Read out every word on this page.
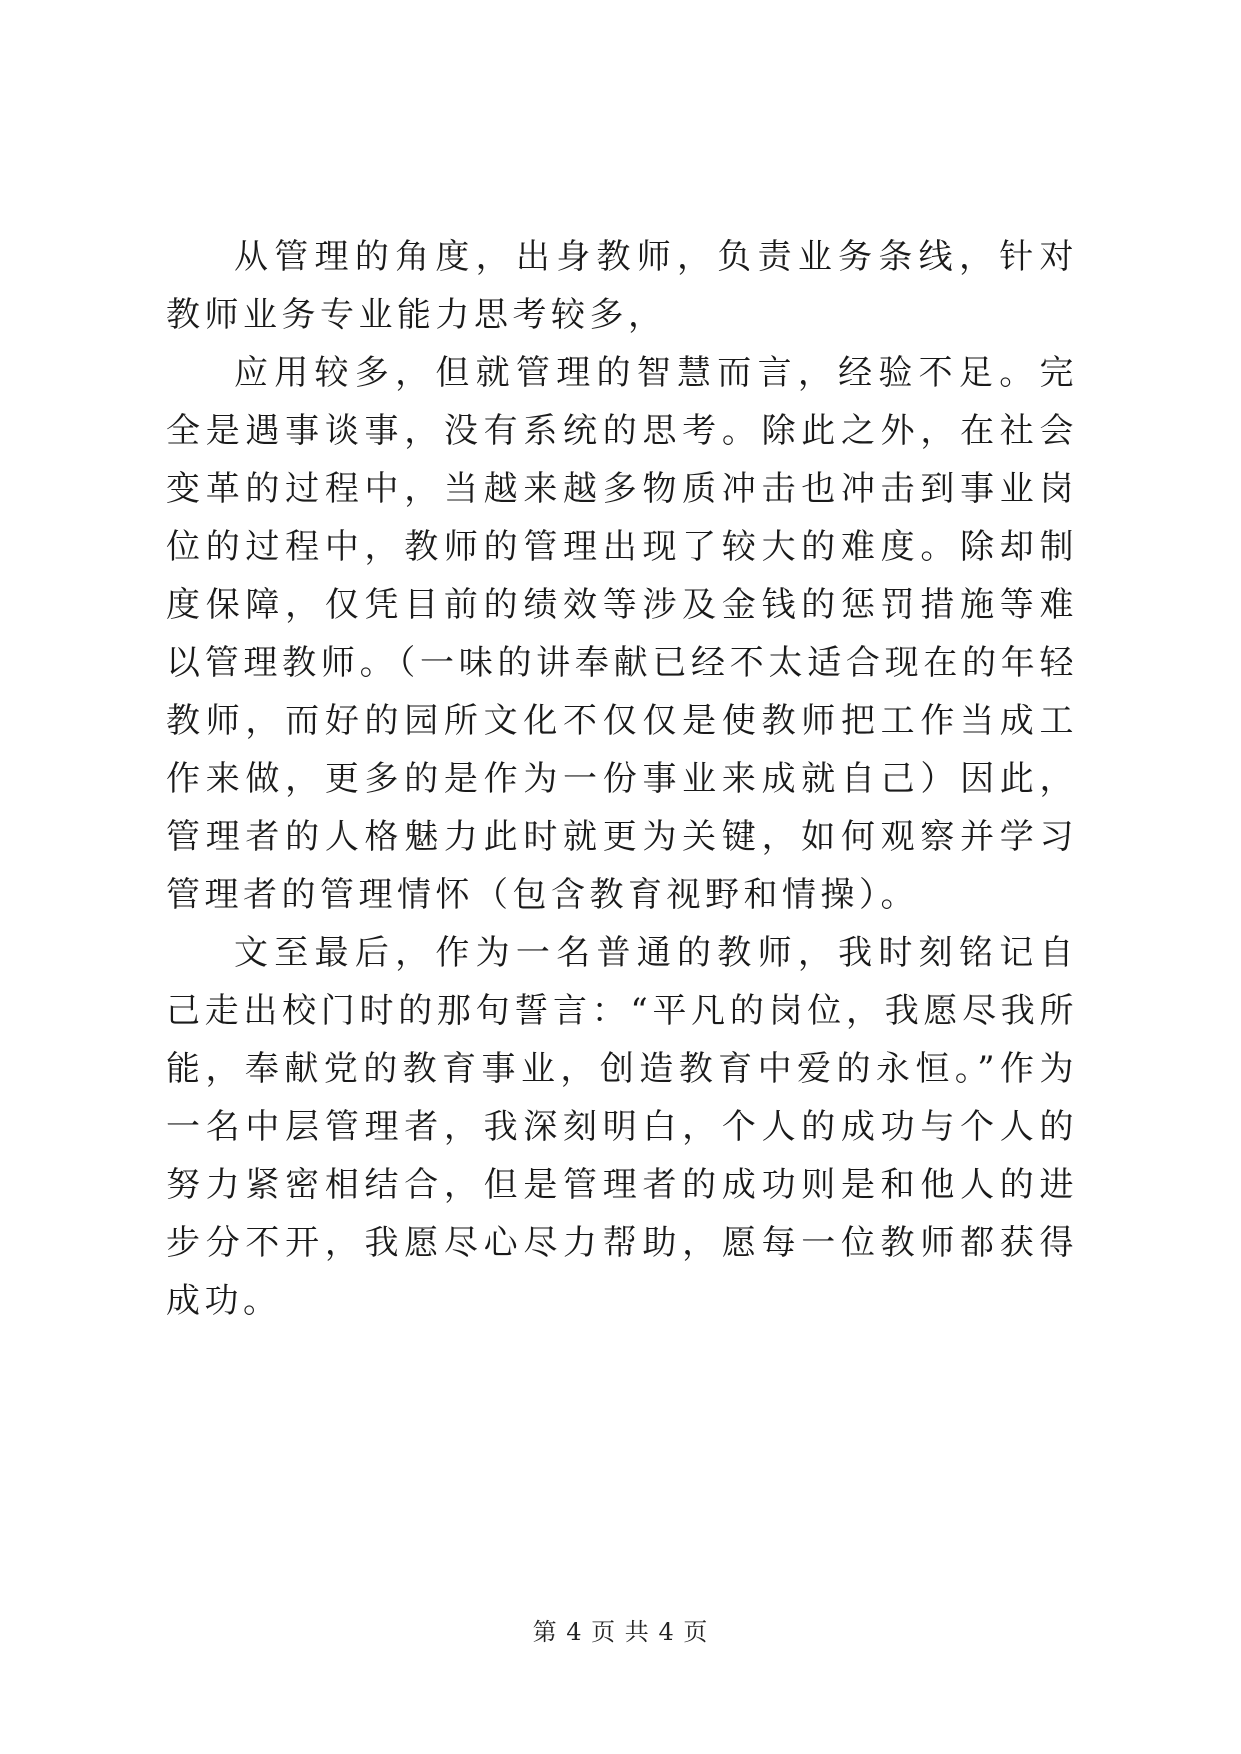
从管理的角度，出身教师，负责业务条线，针对教师业务专业能力思考较多，

应用较多，但就管理的智慧而言，经验不足。完全是遇事谈事，没有系统的思考。除此之外，在社会变革的过程中，当越来越多物质冲击也冲击到事业岗位的过程中，教师的管理出现了较大的难度。除却制度保障，仅凭目前的绩效等涉及金钱的惩罚措施等难以管理教师。（一味的讲奉献已经不太适合现在的年轻教师，而好的园所文化不仅仅是使教师把工作当成工作来做，更多的是作为一份事业来成就自己）因此，管理者的人格魅力此时就更为关键，如何观察并学习管理者的管理情怀（包含教育视野和情操）。

文至最后，作为一名普通的教师，我时刻铭记自己走出校门时的那句誓言：“平凡的岗位，我愿尽我所能，奉献党的教育事业，创造教育中爱的永恒。”作为一名中层管理者，我深刻明白，个人的成功与个人的努力紧密相结合，但是管理者的成功则是和他人的进步分不开，我愿尽心尽力帮助，愿每一位教师都获得成功。

第 4 页 共 4 页
